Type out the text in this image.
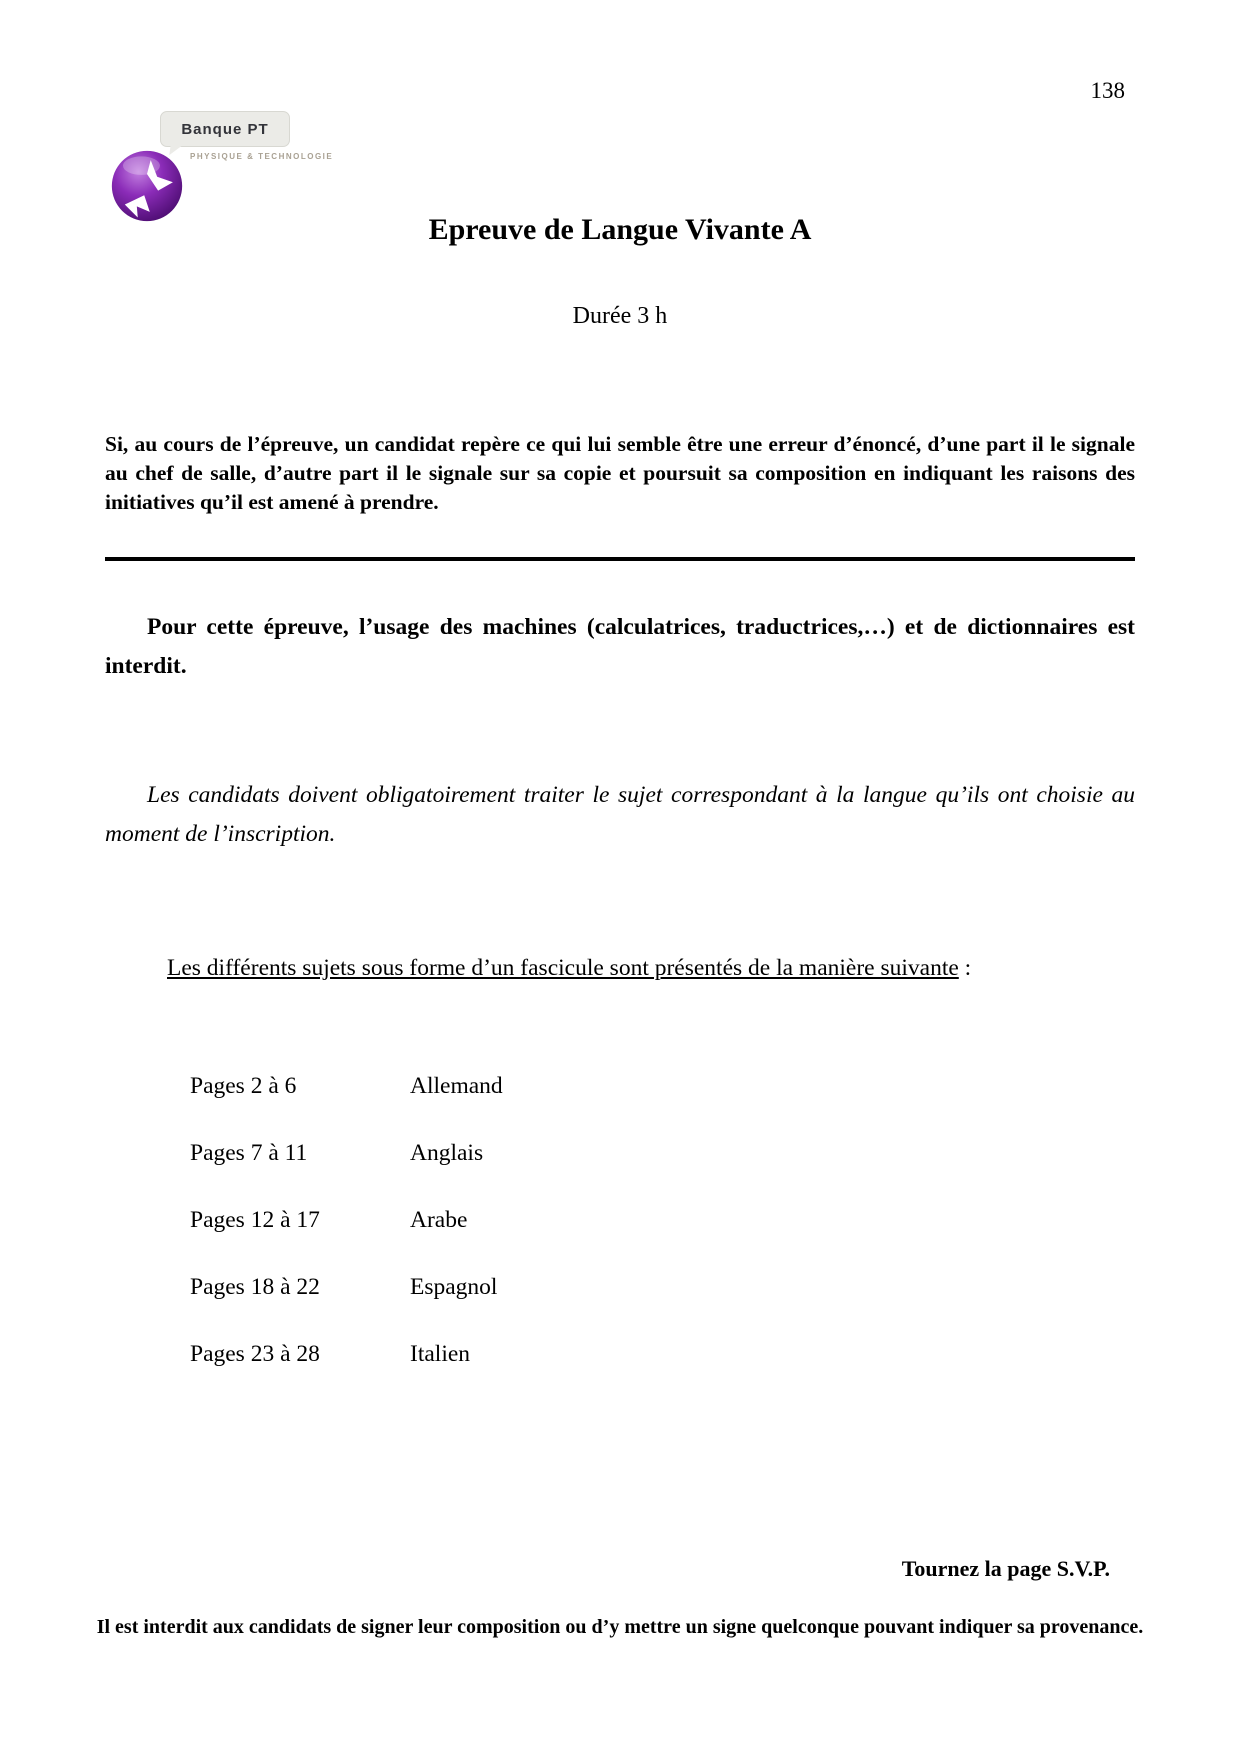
138
Banque PT
PHYSIQUE & TECHNOLOGIE
Epreuve de Langue Vivante A
Durée 3 h
Si, au cours de l’épreuve, un candidat repère ce qui lui semble être une erreur d’énoncé, d’une part il le signale au chef de salle, d’autre part il le signale sur sa copie et poursuit sa composition en indiquant les raisons des initiatives qu’il est amené à prendre.
Pour cette épreuve, l’usage des machines (calculatrices, traductrices,…) et de dictionnaires est interdit.
Les candidats doivent obligatoirement traiter le sujet correspondant à la langue qu’ils ont choisie au moment de l’inscription.
Les différents sujets sous forme d’un fascicule sont présentés de la manière suivante :
Pages 2 à 6	Allemand
Pages 7 à 11	Anglais
Pages 12 à 17	Arabe
Pages 18 à 22	Espagnol
Pages 23 à 28	Italien
Tournez la page S.V.P.
Il est interdit aux candidats de signer leur composition ou d’y mettre un signe quelconque pouvant indiquer sa provenance.
